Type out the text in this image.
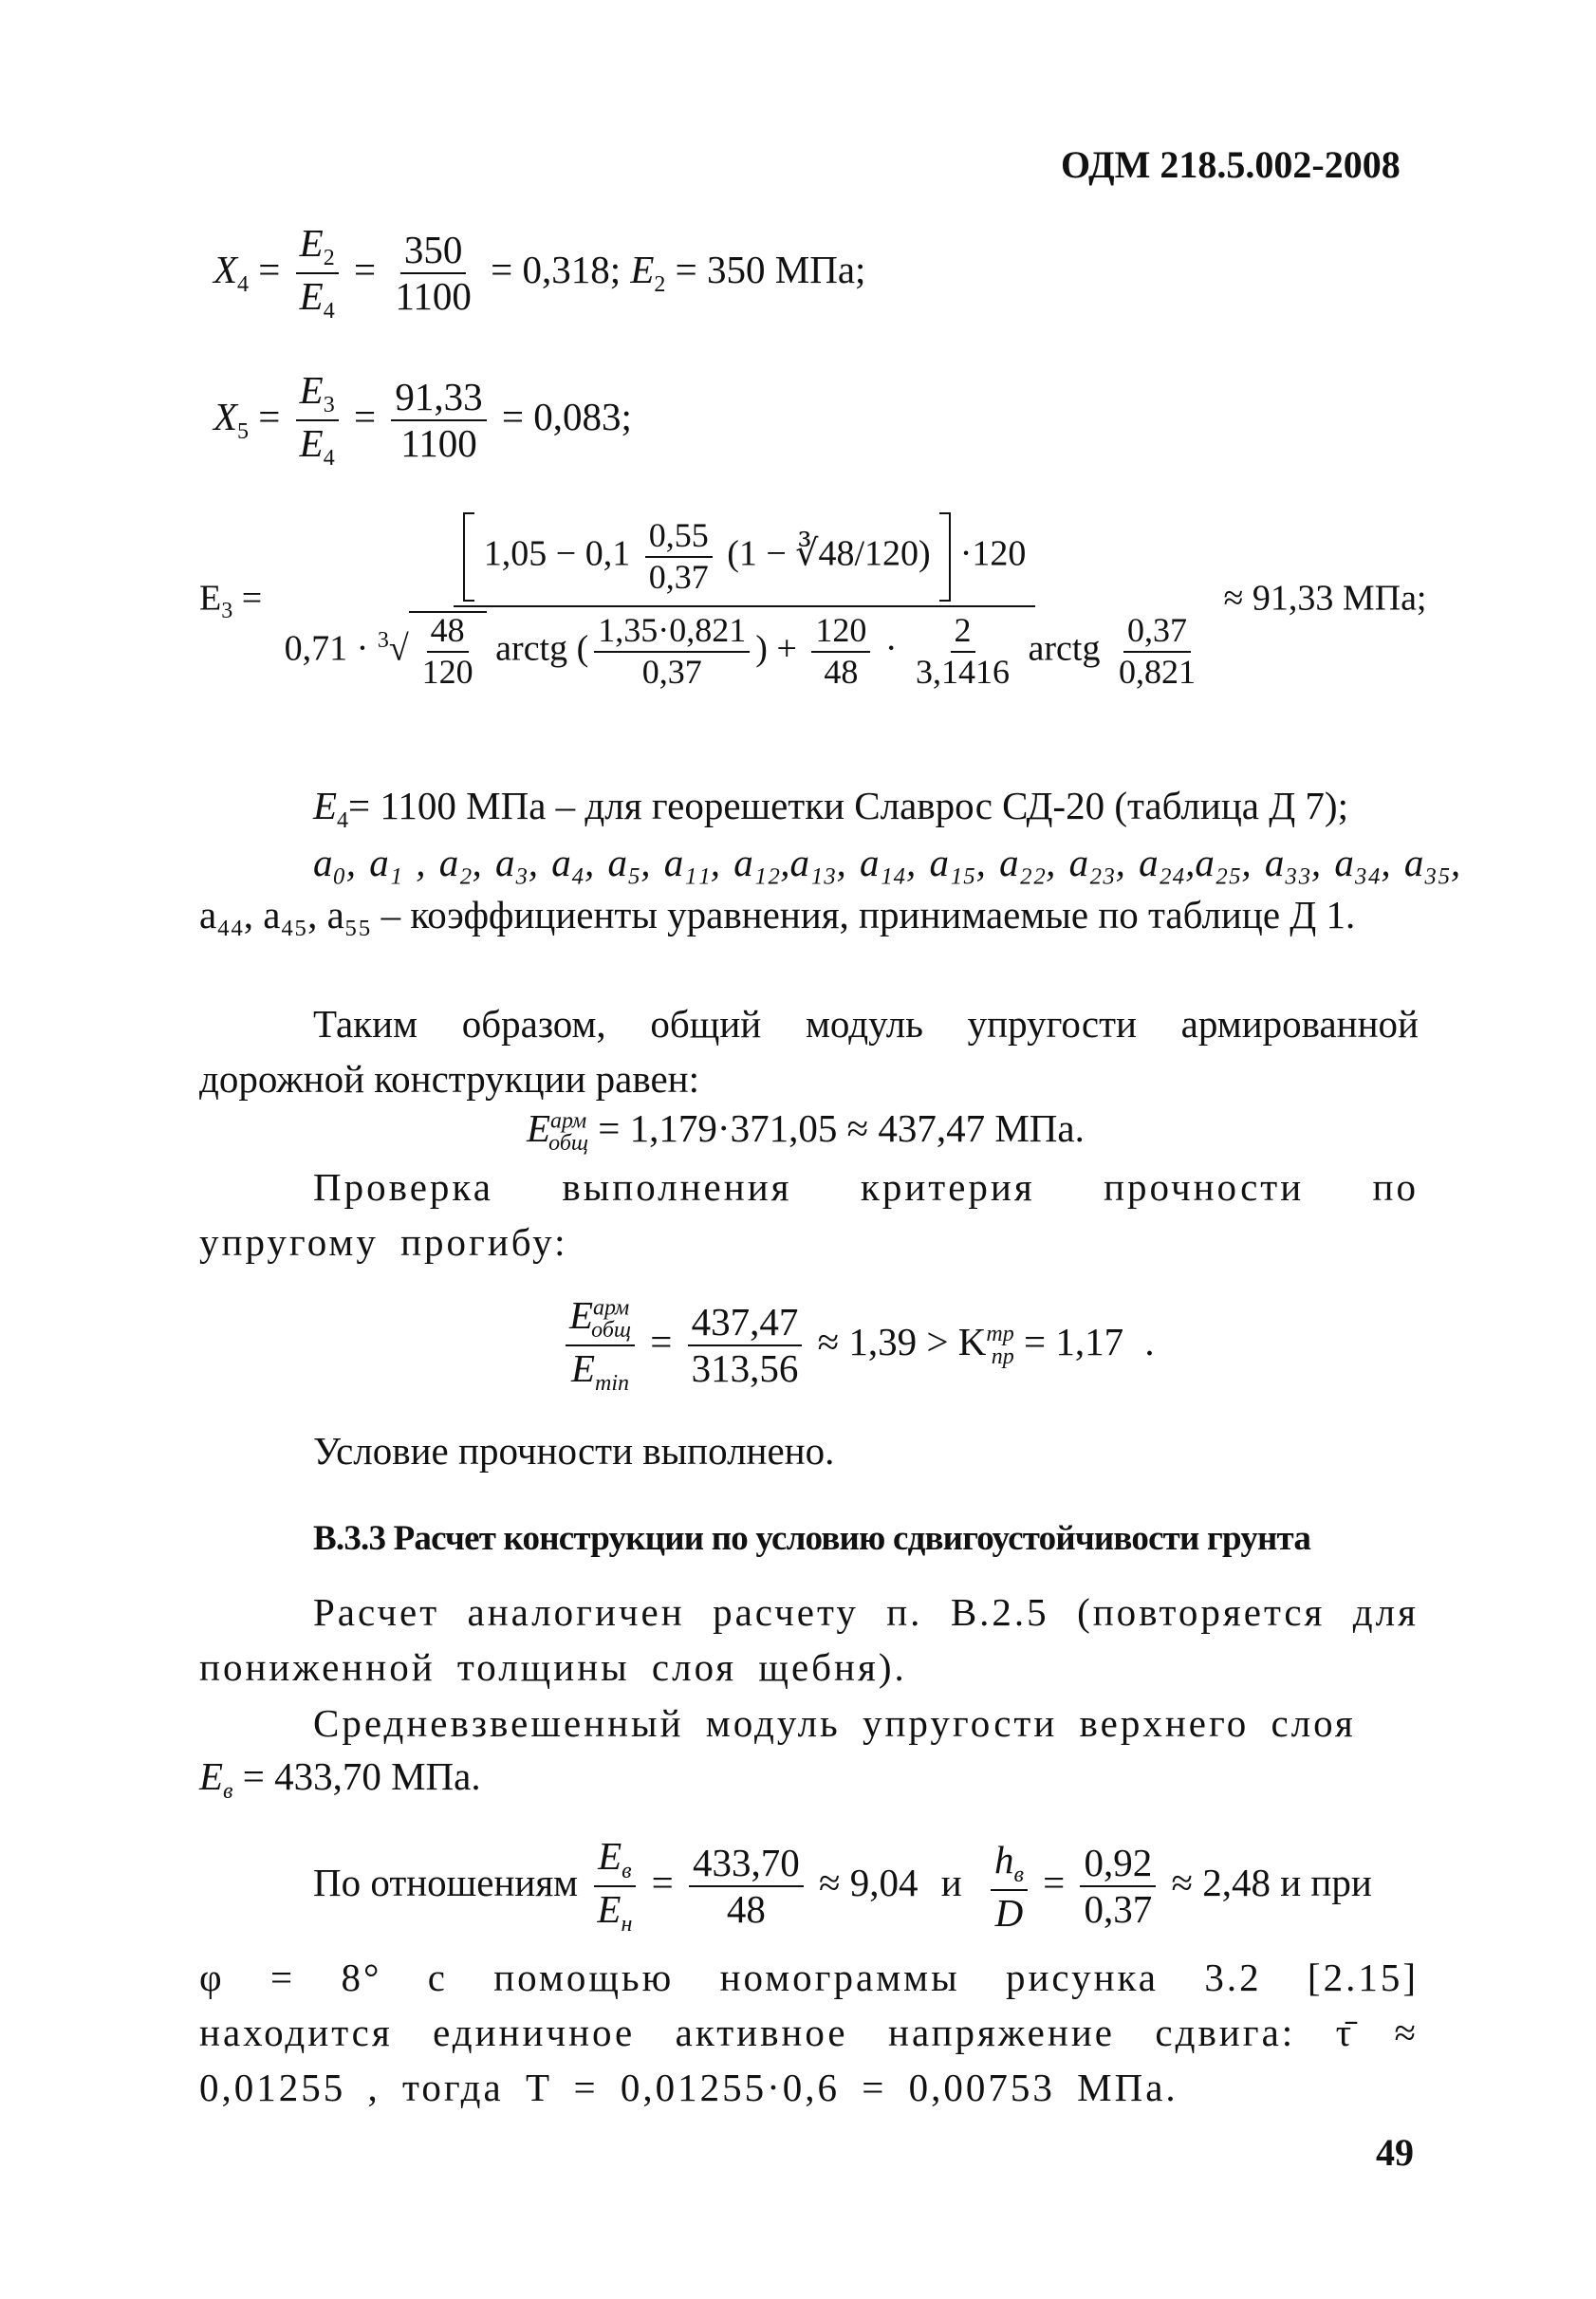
ОДМ 218.5.002-2008
$X_4 = \frac{E_2}{E_4} = \frac{350}{1100} = 0,318$; $E_2 = 350$ МПа;
$X_5 = \frac{E_3}{E_4} = \frac{91,33}{1100} = 0,083$;
$E_3$ =
$1,05 - 0,1 \frac{0,55}{0,37} (1$ − ∛48/120) ·120
$0,71 \cdot ^3√ \frac{48}{120}$ arctg ( $\frac{1,35\cdot 0,821}{0,37}$ ) + $\frac{120}{48} \cdot \frac{2}{3,1416}$ arctg $\frac{0,37}{0,821}$
≈ 91,33 МПа;
$E_4= 1100$ МПа – для георешетки Славрос СД-20 (таблица Д 7);
a₀, a₁ , a₂, a₃, a₄, a₅, a₁₁, a₁₂,a₁₃, a₁₄, a₁₅, a₂₂, a₂₃, a₂₄,a₂₅, a₃₃, a₃₄, a₃₅,
a₄₄, a₄₅, a₅₅ – коэффициенты уравнения, принимаемые по таблице Д 1.
Таким образом, общий модуль упругости армированной дорожной конструкции равен:
$E^{арм}_{общ} = 1,179\cdot 371,05 \approx 437,47$ МПа.
Проверка выполнения критерия прочности по упругому прогибу:
$\frac{E^{арм}_{общ}}{E_{min}} = \frac{437,47}{313,56} \approx 1,39 > K^{тр}_{пр} = 1,17$ .
Условие прочности выполнено.
В.3.3 Расчет конструкции по условию сдвигоустойчивости грунта
Расчет аналогичен расчету п. В.2.5 (повторяется для пониженной толщины слоя щебня).
Средневзвешенный модуль упругости верхнего слоя
$E_в = 433,70$ МПа.
По отношениям $\frac{E_в}{E_н} = \frac{433,70}{48} \approx 9,04$ и $\frac{h_в}{D} = \frac{0,92}{0,37} \approx 2,48$ и при
φ = 8° с помощью номограммы рисунка 3.2 [2.15] находится единичное активное напряжение сдвига: τ̄ ≈ 0,01255 , тогда T = 0,01255·0,6 = 0,00753 МПа.
49
